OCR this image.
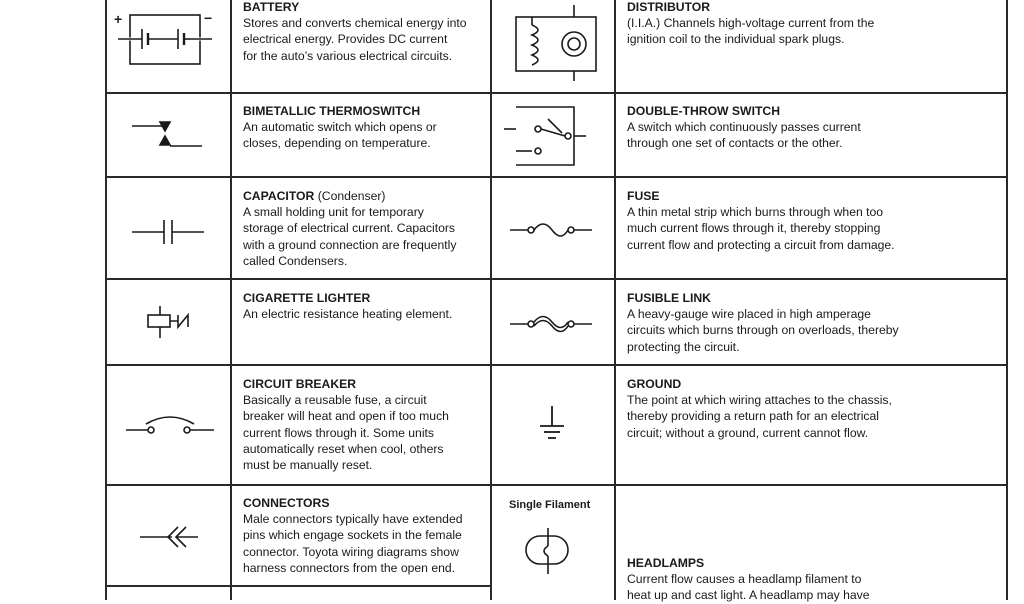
BATTERY
Stores and converts chemical energy into
electrical energy. Provides DC current
for the auto’s various electrical circuits.
DISTRIBUTOR
(I.I.A.) Channels high-voltage current from the
ignition coil to the individual spark plugs.
BIMETALLIC THERMOSWITCH
An automatic switch which opens or
closes, depending on temperature.
DOUBLE-THROW SWITCH
A switch which continuously passes current
through one set of contacts or the other.
CAPACITOR (Condenser)
A small holding unit for temporary
storage of electrical current. Capacitors
with a ground connection are frequently
called Condensers.
FUSE
A thin metal strip which burns through when too
much current flows through it, thereby stopping
current flow and protecting a circuit from damage.
CIGARETTE LIGHTER
An electric resistance heating element.
FUSIBLE LINK
A heavy-gauge wire placed in high amperage
circuits which burns through on overloads, thereby
protecting the circuit.
CIRCUIT BREAKER
Basically a reusable fuse, a circuit
breaker will heat and open if too much
current flows through it. Some units
automatically reset when cool, others
must be manually reset.
GROUND
The point at which wiring attaches to the chassis,
thereby providing a return path for an electrical
circuit; without a ground, current cannot flow.
CONNECTORS
Male connectors typically have extended
pins which engage sockets in the female
connector. Toyota wiring diagrams show
harness connectors from the open end.	HEADLAMPS
Current flow causes a headlamp filament to
heat up and cast light. A headlamp may have
Single Filament
+	−
